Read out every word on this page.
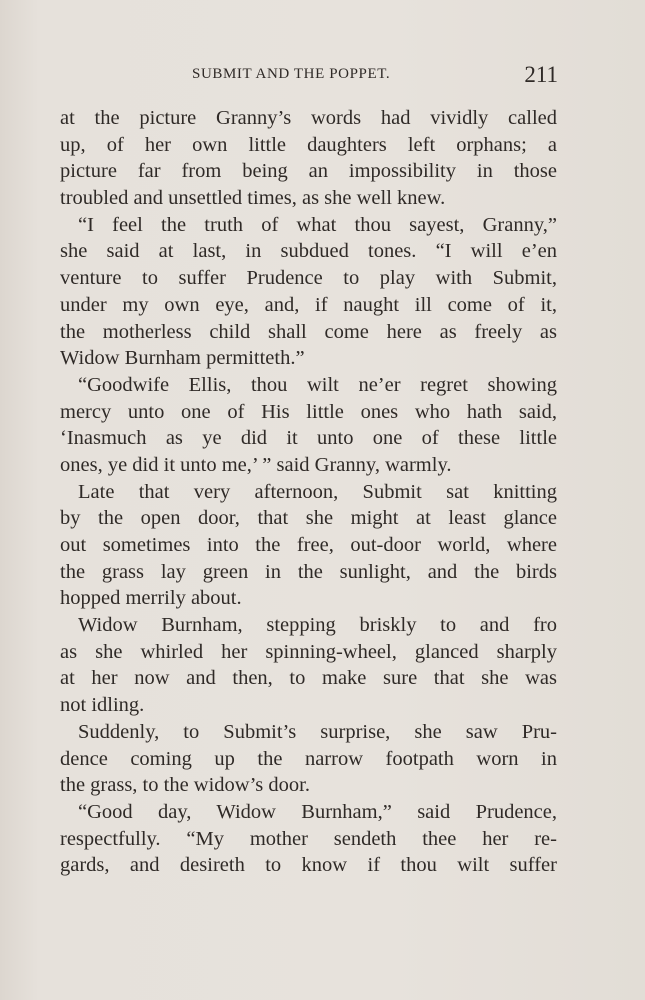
SUBMIT AND THE POPPET.	211
at the picture Granny’s words had vividly called
up, of her own little daughters left orphans; a
picture far from being an impossibility in those
troubled and unsettled times, as she well knew.
“I feel the truth of what thou sayest, Granny,”
she said at last, in subdued tones. “I will e’en
venture to suffer Prudence to play with Submit,
under my own eye, and, if naught ill come of it,
the motherless child shall come here as freely as
Widow Burnham permitteth.”
“Goodwife Ellis, thou wilt ne’er regret showing
mercy unto one of His little ones who hath said,
‘Inasmuch as ye did it unto one of these little
ones, ye did it unto me,’ ” said Granny, warmly.
Late that very afternoon, Submit sat knitting
by the open door, that she might at least glance
out sometimes into the free, out-door world, where
the grass lay green in the sunlight, and the birds
hopped merrily about.
Widow Burnham, stepping briskly to and fro
as she whirled her spinning-wheel, glanced sharply
at her now and then, to make sure that she was
not idling.
Suddenly, to Submit’s surprise, she saw Pru-
dence coming up the narrow footpath worn in
the grass, to the widow’s door.
“Good day, Widow Burnham,” said Prudence,
respectfully. “My mother sendeth thee her re-
gards, and desireth to know if thou wilt suffer
